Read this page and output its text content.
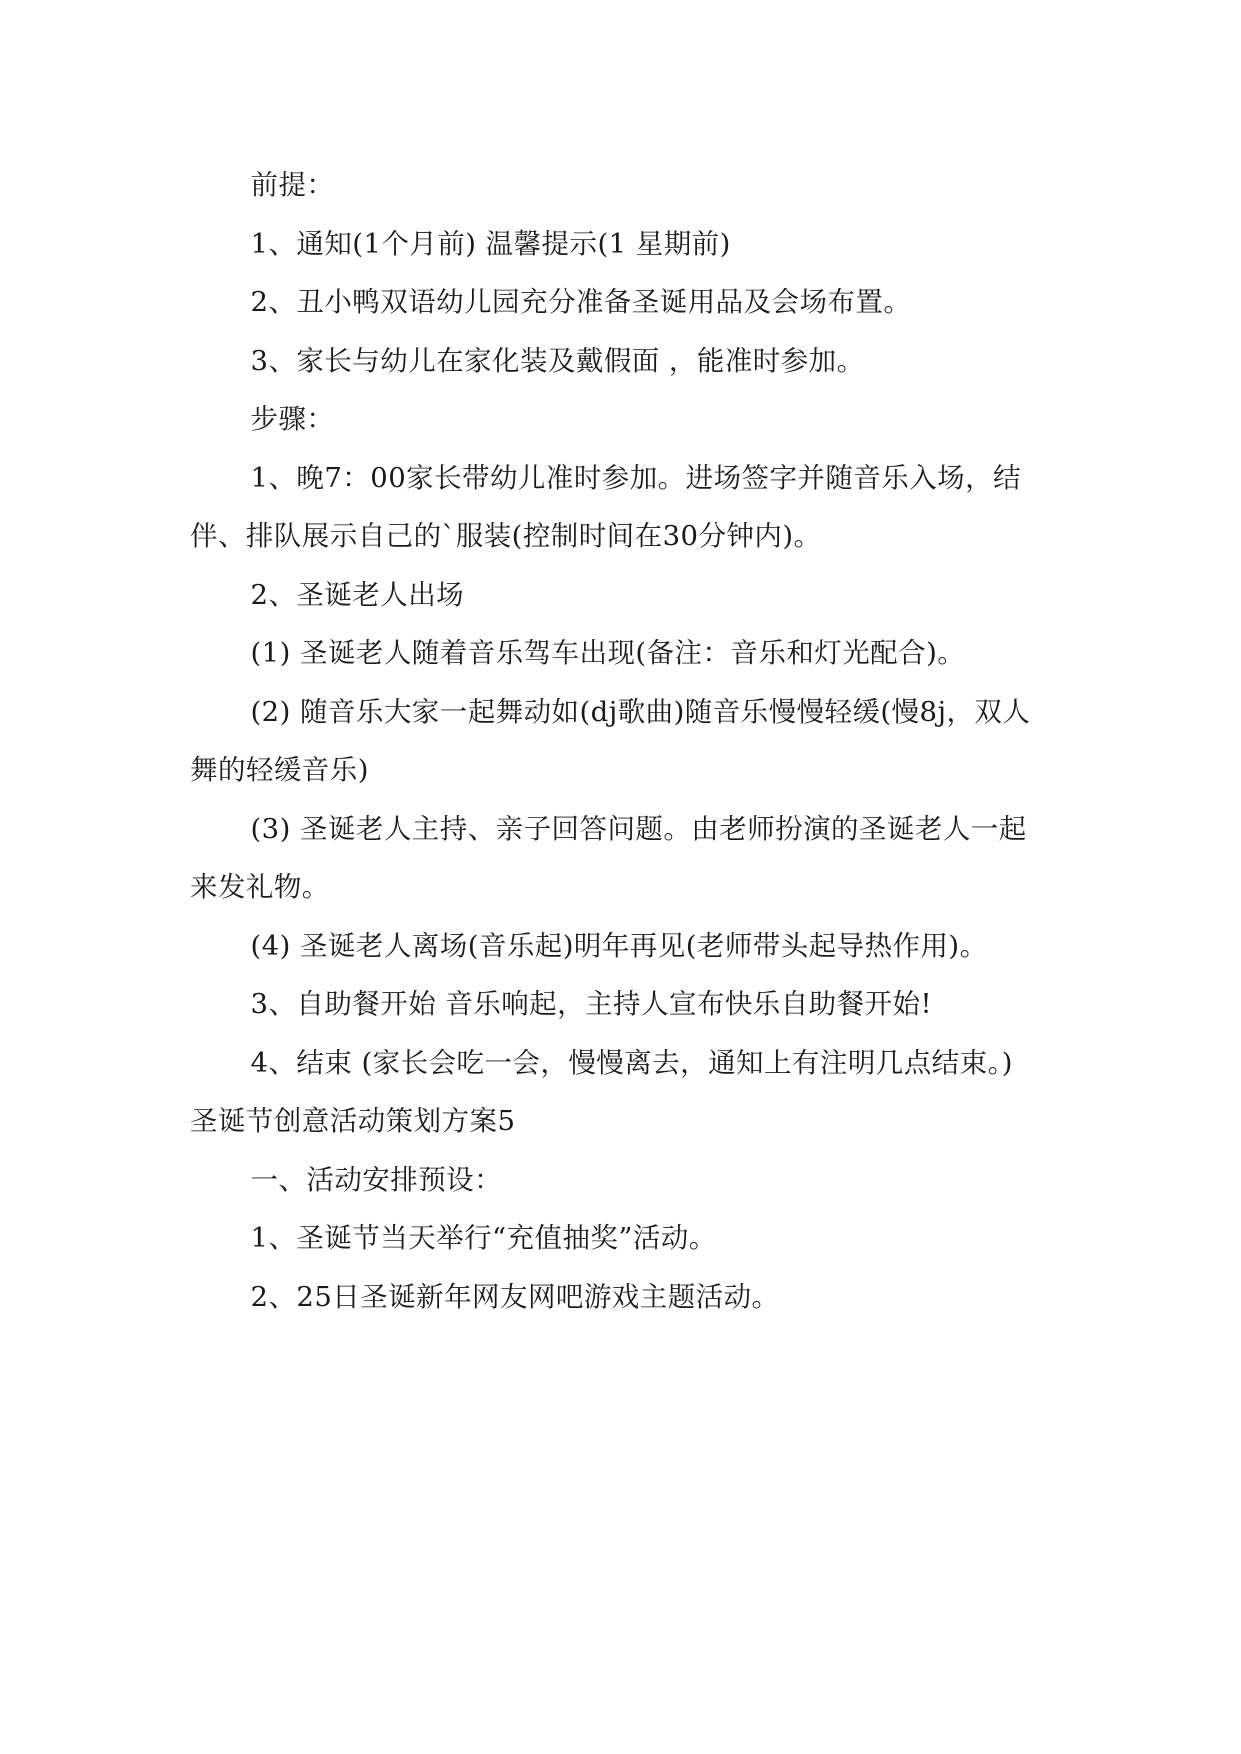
前提：

1、通知(1个月前) 温馨提示(1 星期前)

2、丑小鸭双语幼儿园充分准备圣诞用品及会场布置。

3、家长与幼儿在家化装及戴假面 ，能准时参加。

步骤：

1、晚7：00家长带幼儿准时参加。进场签字并随音乐入场，结伴、排队展示自己的`服装(控制时间在30分钟内)。

2、圣诞老人出场

(1) 圣诞老人随着音乐驾车出现(备注：音乐和灯光配合)。

(2) 随音乐大家一起舞动如(dj歌曲)随音乐慢慢轻缓(慢8j，双人舞的轻缓音乐)

(3) 圣诞老人主持、亲子回答问题。由老师扮演的圣诞老人一起来发礼物。

(4) 圣诞老人离场(音乐起)明年再见(老师带头起导热作用)。

3、自助餐开始 音乐响起，主持人宣布快乐自助餐开始!

4、结束 (家长会吃一会，慢慢离去，通知上有注明几点结束。)

圣诞节创意活动策划方案5

一、活动安排预设：

1、圣诞节当天举行“充值抽奖”活动。

2、25日圣诞新年网友网吧游戏主题活动。
